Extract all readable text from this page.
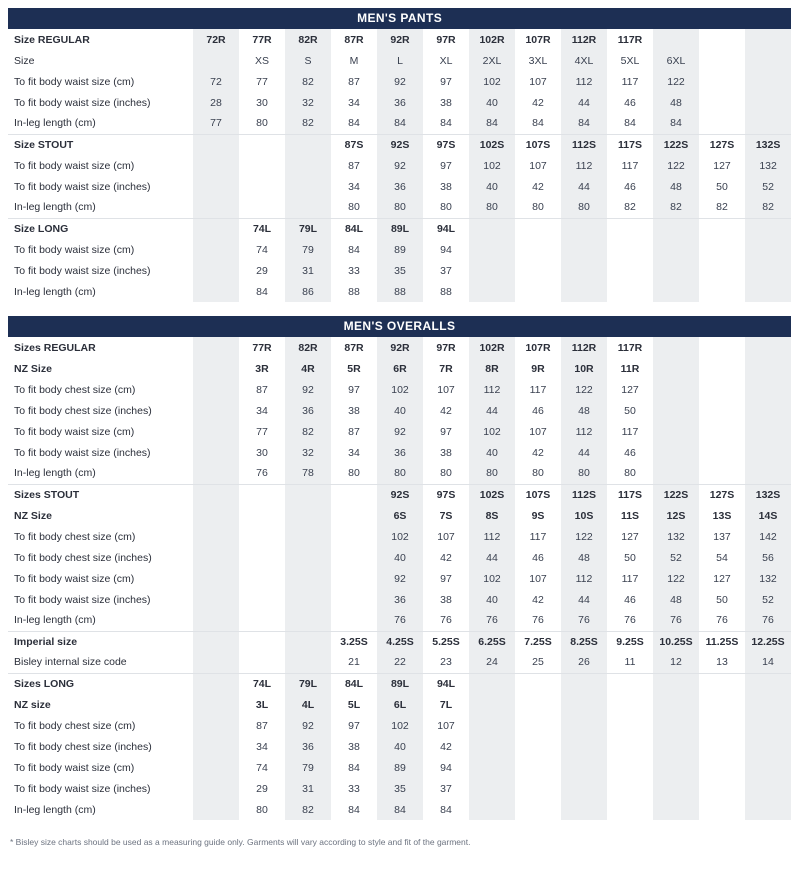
MEN'S PANTS													
Size REGULAR	72R	77R	82R	87R	92R	97R	102R	107R	112R	117R			
Size		XS	S	M	L	XL	2XL	3XL	4XL	5XL	6XL		
To fit body waist size (cm)	72	77	82	87	92	97	102	107	112	117	122		
To fit body waist size (inches)	28	30	32	34	36	38	40	42	44	46	48		
In-leg length (cm)	77	80	82	84	84	84	84	84	84	84	84		
Size STOUT				87S	92S	97S	102S	107S	112S	117S	122S	127S	132S
To fit body waist size (cm)				87	92	97	102	107	112	117	122	127	132
To fit body waist size (inches)				34	36	38	40	42	44	46	48	50	52
In-leg length (cm)				80	80	80	80	80	80	82	82	82	82
Size LONG		74L	79L	84L	89L	94L							
To fit body waist size (cm)		74	79	84	89	94							
To fit body waist size (inches)		29	31	33	35	37							
In-leg length (cm)		84	86	88	88	88							
MEN'S OVERALLS													
Sizes REGULAR		77R	82R	87R	92R	97R	102R	107R	112R	117R			
NZ Size		3R	4R	5R	6R	7R	8R	9R	10R	11R			
To fit body chest size (cm)		87	92	97	102	107	112	117	122	127			
To fit body chest size (inches)		34	36	38	40	42	44	46	48	50			
To fit body waist size (cm)		77	82	87	92	97	102	107	112	117			
To fit body waist size (inches)		30	32	34	36	38	40	42	44	46			
In-leg length (cm)		76	78	80	80	80	80	80	80	80			
Sizes STOUT					92S	97S	102S	107S	112S	117S	122S	127S	132S
NZ Size					6S	7S	8S	9S	10S	11S	12S	13S	14S
To fit body chest size (cm)					102	107	112	117	122	127	132	137	142
To fit body chest size (inches)					40	42	44	46	48	50	52	54	56
To fit body waist size (cm)					92	97	102	107	112	117	122	127	132
To fit body waist size (inches)					36	38	40	42	44	46	48	50	52
In-leg length (cm)					76	76	76	76	76	76	76	76	76
Imperial size				3.25S	4.25S	5.25S	6.25S	7.25S	8.25S	9.25S	10.25S	11.25S	12.25S
Bisley internal size code				21	22	23	24	25	26	11	12	13	14
Sizes LONG		74L	79L	84L	89L	94L							
NZ size		3L	4L	5L	6L	7L							
To fit body chest size (cm)		87	92	97	102	107							
To fit body chest size (inches)		34	36	38	40	42							
To fit body waist size (cm)		74	79	84	89	94							
To fit body waist size (inches)		29	31	33	35	37							
In-leg length (cm)		80	82	84	84	84							
* Bisley size charts should be used as a measuring guide only. Garments will vary according to style and fit of the garment.
